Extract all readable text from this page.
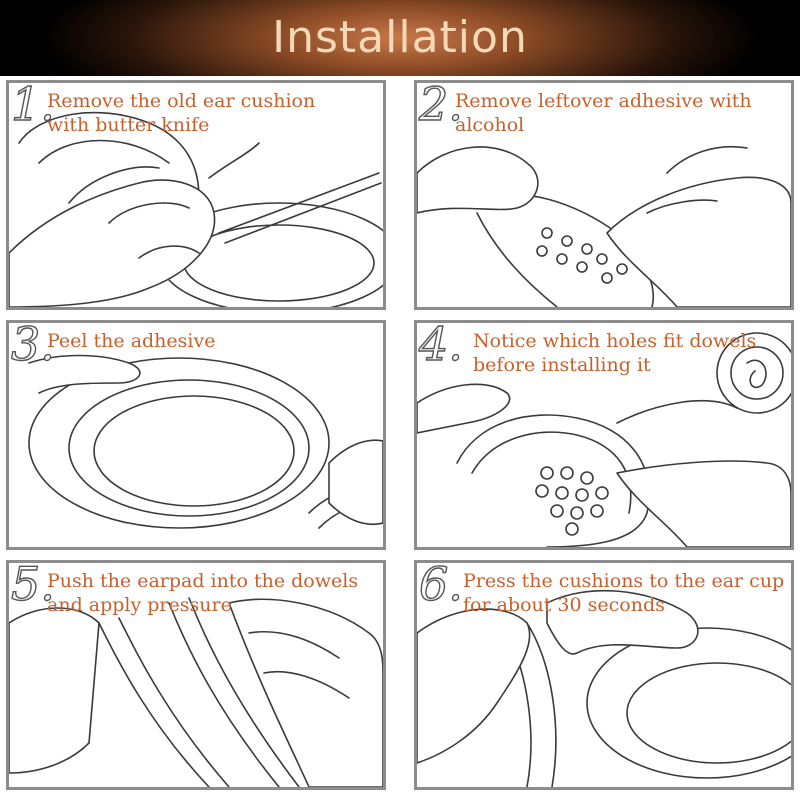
Installation
1.
Remove the old ear cushion
with butter knife	2.
Remove leftover adhesive with
alcohol
3.
Peel the adhesive	4. Notice which holes fit dowels
before installing it
5.
Push the earpad into the dowels
and apply pressure	6. Press the cushions to the ear cup
for about 30 seconds
